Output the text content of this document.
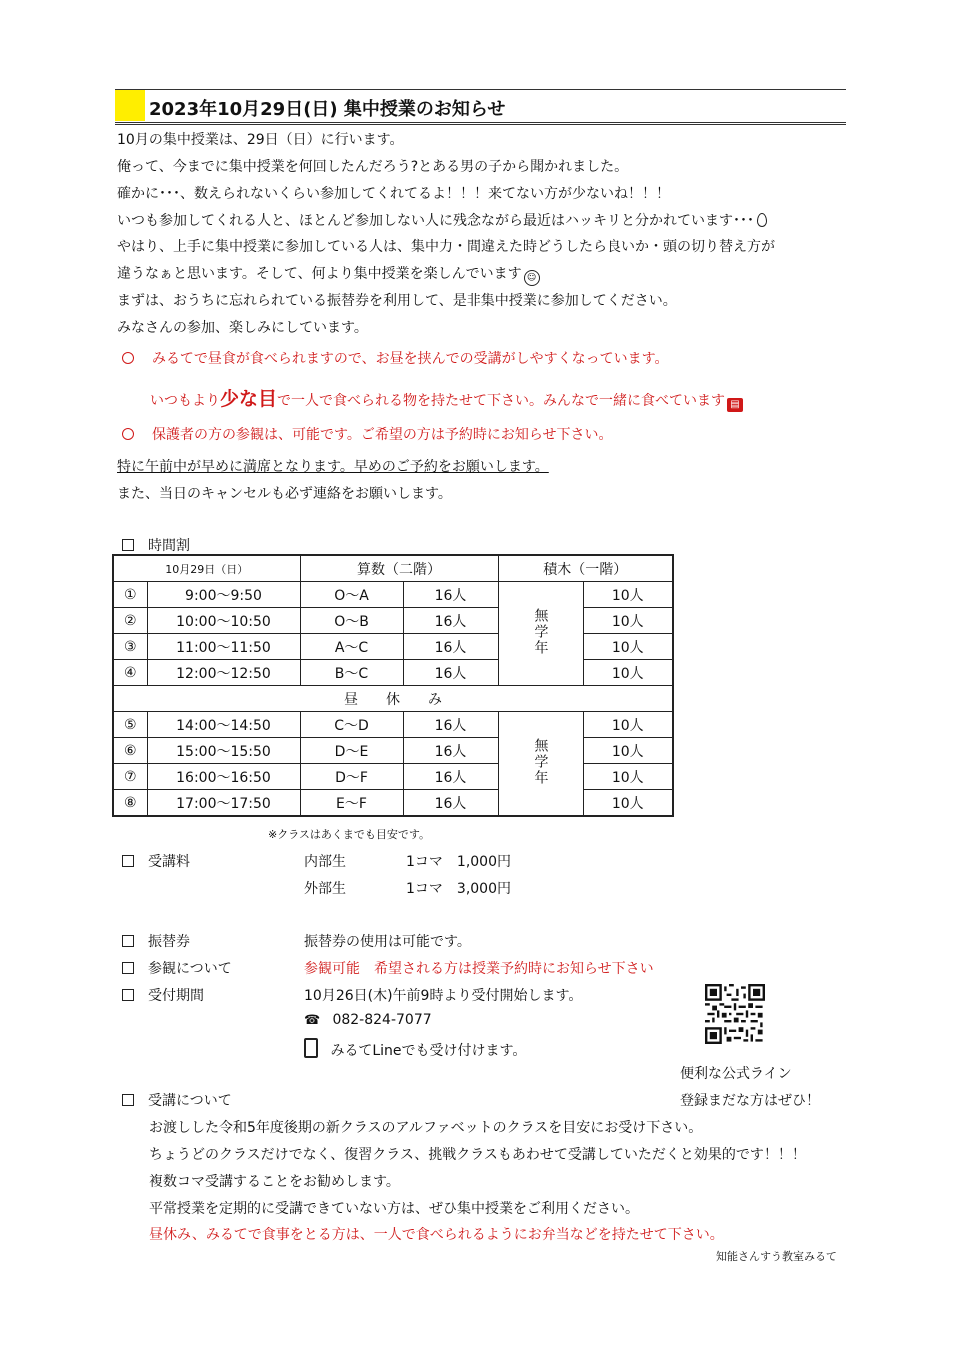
2023年10月29日(日) 集中授業のお知らせ
10月の集中授業は、29日（日）に行います。
俺って、今までに集中授業を何回したんだろう?とある男の子から聞かれました。
確かに･･･、数えられないくらい参加してくれてるよ！！！来てない方が少ないね！！！
いつも参加してくれる人と、ほとんど参加しない人に残念ながら最近はハッキリと分かれています･･･
やはり、上手に集中授業に参加している人は、集中力・間違えた時どうしたら良いか・頭の切り替え方が
違うなぁと思います。そして、何より集中授業を楽しんでいます ☺
まずは、おうちに忘れられている振替券を利用して、是非集中授業に参加してください。
みなさんの参加、楽しみにしています。
みるてで昼食が食べられますので、お昼を挟んでの受講がしやすくなっています。
いつもより少な目で一人で食べられる物を持たせて下さい。みんなで一緒に食べています ▤
保護者の方の参観は、可能です。ご希望の方は予約時にお知らせ下さい。
特に午前中が早めに満席となります。早めのご予約をお願いします。
また、当日のキャンセルも必ず連絡をお願いします。
時間割
10月29日（日）		算数（二階）		積木（一階）	
①	9:00～9:50	O～A	16人	無学年	10人
②	10:00～10:50	O～B	16人		10人
③	11:00～11:50	A～C	16人		10人
④	12:00～12:50	B～C	16人		10人
昼　　休　　み					
⑤	14:00～14:50	C～D	16人	無学年	10人
⑥	15:00～15:50	D～E	16人		10人
⑦	16:00～16:50	D～F	16人		10人
⑧	17:00～17:50	E～F	16人		10人
※クラスはあくまでも目安です。
受講料	内部生	1コマ　1,000円
外部生	1コマ　3,000円
振替券	振替券の使用は可能です。
参観について	参観可能　希望される方は授業予約時にお知らせ下さい
受付期間	10月26日(木)午前9時より受付開始します。
☎ 082-824-7077
みるてLineでも受け付けます。
便利な公式ライン
登録まだな方はぜひ！
受講について
お渡しした令和5年度後期の新クラスのアルファベットのクラスを目安にお受け下さい。
ちょうどのクラスだけでなく、復習クラス、挑戦クラスもあわせて受講していただくと効果的です！！！
複数コマ受講することをお勧めします。
平常授業を定期的に受講できていない方は、ぜひ集中授業をご利用ください。
昼休み、みるてで食事をとる方は、一人で食べられるようにお弁当などを持たせて下さい。
知能さんすう教室みるて
